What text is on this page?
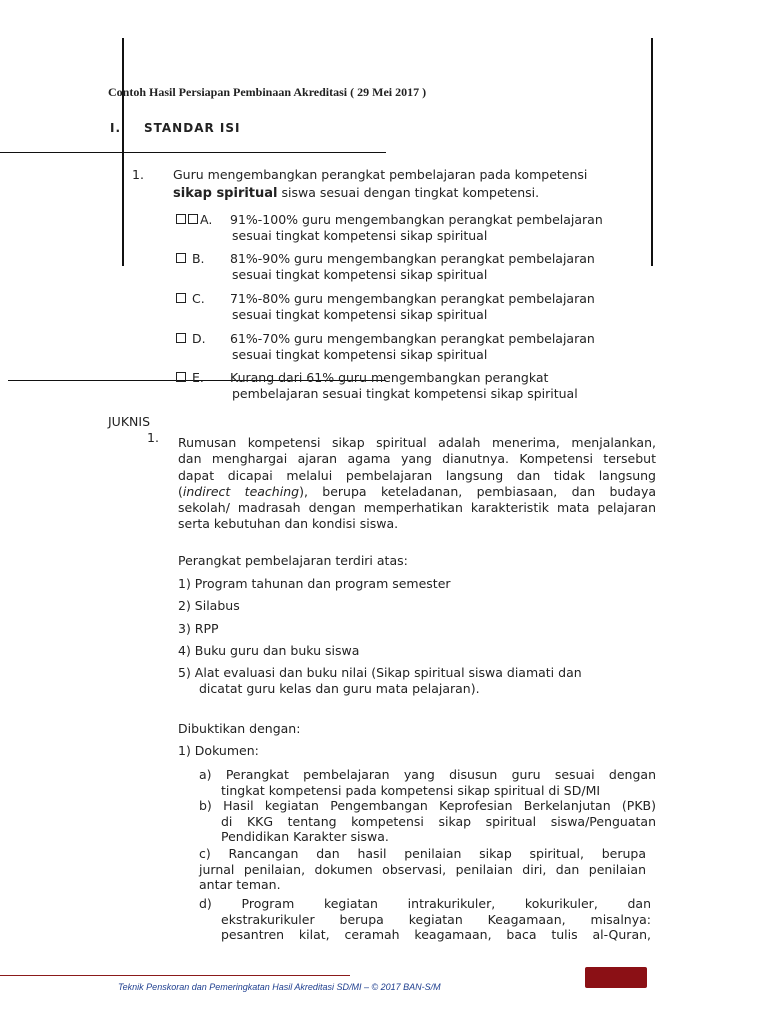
Contoh Hasil Persiapan Pembinaan Akreditasi ( 29 Mei 2017 )
I. STANDAR ISI
1. Guru mengembangkan perangkat pembelajaran pada kompetensi
sikap spiritual siswa sesuai dengan tingkat kompetensi.
A. 91%-100% guru mengembangkan perangkat pembelajaran
sesuai tingkat kompetensi sikap spiritual
B. 81%-90% guru mengembangkan perangkat pembelajaran
sesuai tingkat kompetensi sikap spiritual
C. 71%-80% guru mengembangkan perangkat pembelajaran
sesuai tingkat kompetensi sikap spiritual
D. 61%-70% guru mengembangkan perangkat pembelajaran
sesuai tingkat kompetensi sikap spiritual
E. Kurang dari 61% guru mengembangkan perangkat
pembelajaran sesuai tingkat kompetensi sikap spiritual
JUKNIS
1. Rumusan kompetensi sikap spiritual adalah menerima, menjalankan,
dan menghargai ajaran agama yang dianutnya. Kompetensi tersebut
dapat dicapai melalui pembelajaran langsung dan tidak langsung
(indirect teaching), berupa keteladanan, pembiasaan, dan budaya
sekolah/ madrasah dengan memperhatikan karakteristik mata pelajaran
serta kebutuhan dan kondisi siswa.
Perangkat pembelajaran terdiri atas:
1) Program tahunan dan program semester
2) Silabus
3) RPP
4) Buku guru dan buku siswa
5) Alat evaluasi dan buku nilai (Sikap spiritual siswa diamati dan
dicatat guru kelas dan guru mata pelajaran).
Dibuktikan dengan:
1) Dokumen:
a) Perangkat pembelajaran yang disusun guru sesuai dengan
tingkat kompetensi pada kompetensi sikap spiritual di SD/MI
b) Hasil kegiatan Pengembangan Keprofesian Berkelanjutan (PKB)
di KKG tentang kompetensi sikap spiritual siswa/Penguatan
Pendidikan Karakter siswa.
c) Rancangan dan hasil penilaian sikap spiritual, berupa
jurnal penilaian, dokumen observasi, penilaian diri, dan penilaian
antar teman.
d) Program kegiatan intrakurikuler, kokurikuler, dan
ekstrakurikuler berupa kegiatan Keagamaan, misalnya:
pesantren kilat, ceramah keagamaan, baca tulis al-Quran,
Teknik Penskoran dan Pemeringkatan Hasil Akreditasi SD/MI – © 2017 BAN-S/M
